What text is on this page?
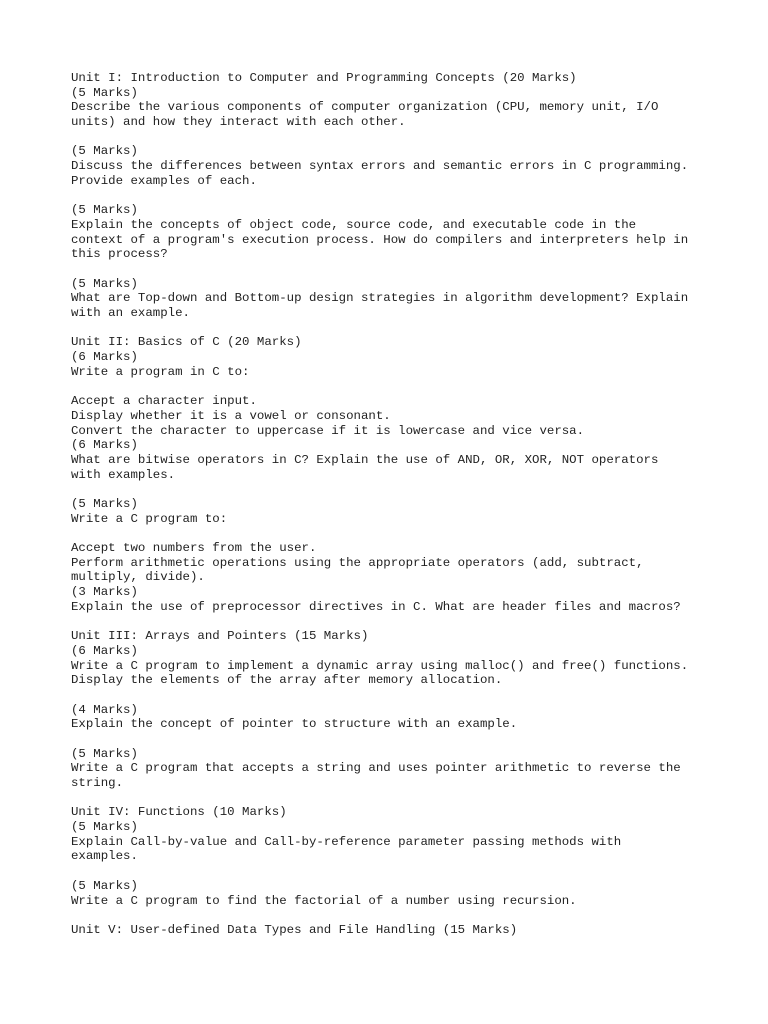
Unit I: Introduction to Computer and Programming Concepts (20 Marks)
(5 Marks)
Describe the various components of computer organization (CPU, memory unit, I/O
units) and how they interact with each other.
(5 Marks)
Discuss the differences between syntax errors and semantic errors in C programming.
Provide examples of each.
(5 Marks)
Explain the concepts of object code, source code, and executable code in the
context of a program's execution process. How do compilers and interpreters help in
this process?
(5 Marks)
What are Top-down and Bottom-up design strategies in algorithm development? Explain
with an example.
Unit II: Basics of C (20 Marks)
(6 Marks)
Write a program in C to:
Accept a character input.
Display whether it is a vowel or consonant.
Convert the character to uppercase if it is lowercase and vice versa.
(6 Marks)
What are bitwise operators in C? Explain the use of AND, OR, XOR, NOT operators
with examples.
(5 Marks)
Write a C program to:
Accept two numbers from the user.
Perform arithmetic operations using the appropriate operators (add, subtract,
multiply, divide).
(3 Marks)
Explain the use of preprocessor directives in C. What are header files and macros?
Unit III: Arrays and Pointers (15 Marks)
(6 Marks)
Write a C program to implement a dynamic array using malloc() and free() functions.
Display the elements of the array after memory allocation.
(4 Marks)
Explain the concept of pointer to structure with an example.
(5 Marks)
Write a C program that accepts a string and uses pointer arithmetic to reverse the
string.
Unit IV: Functions (10 Marks)
(5 Marks)
Explain Call-by-value and Call-by-reference parameter passing methods with
examples.
(5 Marks)
Write a C program to find the factorial of a number using recursion.
Unit V: User-defined Data Types and File Handling (15 Marks)
